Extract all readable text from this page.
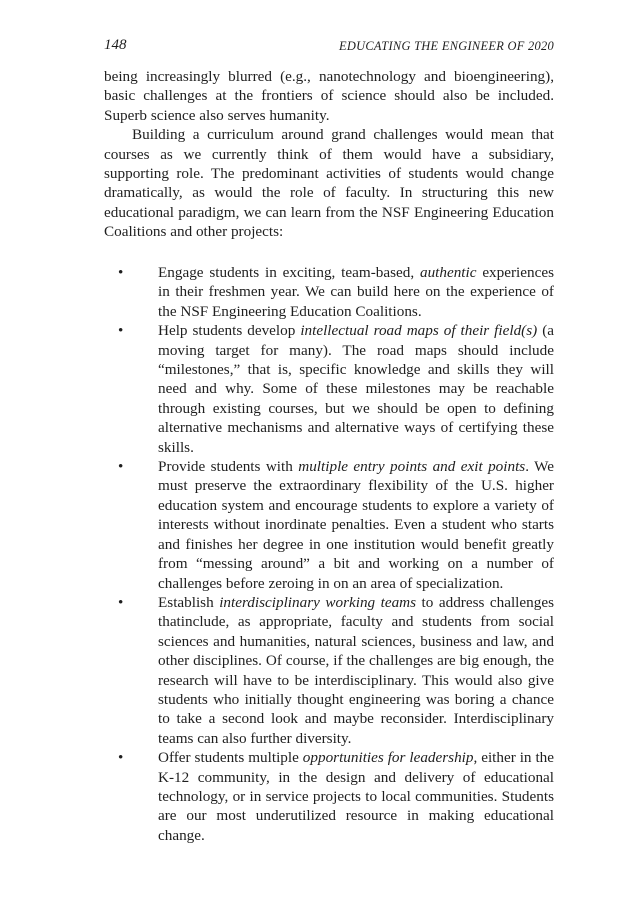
148	EDUCATING THE ENGINEER OF 2020

being increasingly blurred (e.g., nanotechnology and bioengineering), basic challenges at the frontiers of science should also be included. Superb science also serves humanity.

Building a curriculum around grand challenges would mean that courses as we currently think of them would have a subsidiary, supporting role. The predominant activities of students would change dramatically, as would the role of faculty. In structuring this new educational paradigm, we can learn from the NSF Engineering Education Coalitions and other projects:

•	Engage students in exciting, team-based, authentic experiences in their freshmen year. We can build here on the experience of the NSF Engineering Education Coalitions.
•	Help students develop intellectual road maps of their field(s) (a moving target for many). The road maps should include “milestones,” that is, specific knowledge and skills they will need and why. Some of these milestones may be reachable through existing courses, but we should be open to defining alternative mechanisms and alternative ways of certifying these skills.
•	Provide students with multiple entry points and exit points. We must preserve the extraordinary flexibility of the U.S. higher education system and encourage students to explore a variety of interests without inordinate penalties. Even a student who starts and finishes her degree in one institution would benefit greatly from “messing around” a bit and working on a number of challenges before zeroing in on an area of specialization.
•	Establish interdisciplinary working teams to address challenges thatinclude, as appropriate, faculty and students from social sciences and humanities, natural sciences, business and law, and other disciplines. Of course, if the challenges are big enough, the research will have to be interdisciplinary. This would also give students who initially thought engineering was boring a chance to take a second look and maybe reconsider. Interdisciplinary teams can also further diversity.
•	Offer students multiple opportunities for leadership, either in the K-12 community, in the design and delivery of educational technology, or in service projects to local communities. Students are our most underutilized resource in making educational change.
